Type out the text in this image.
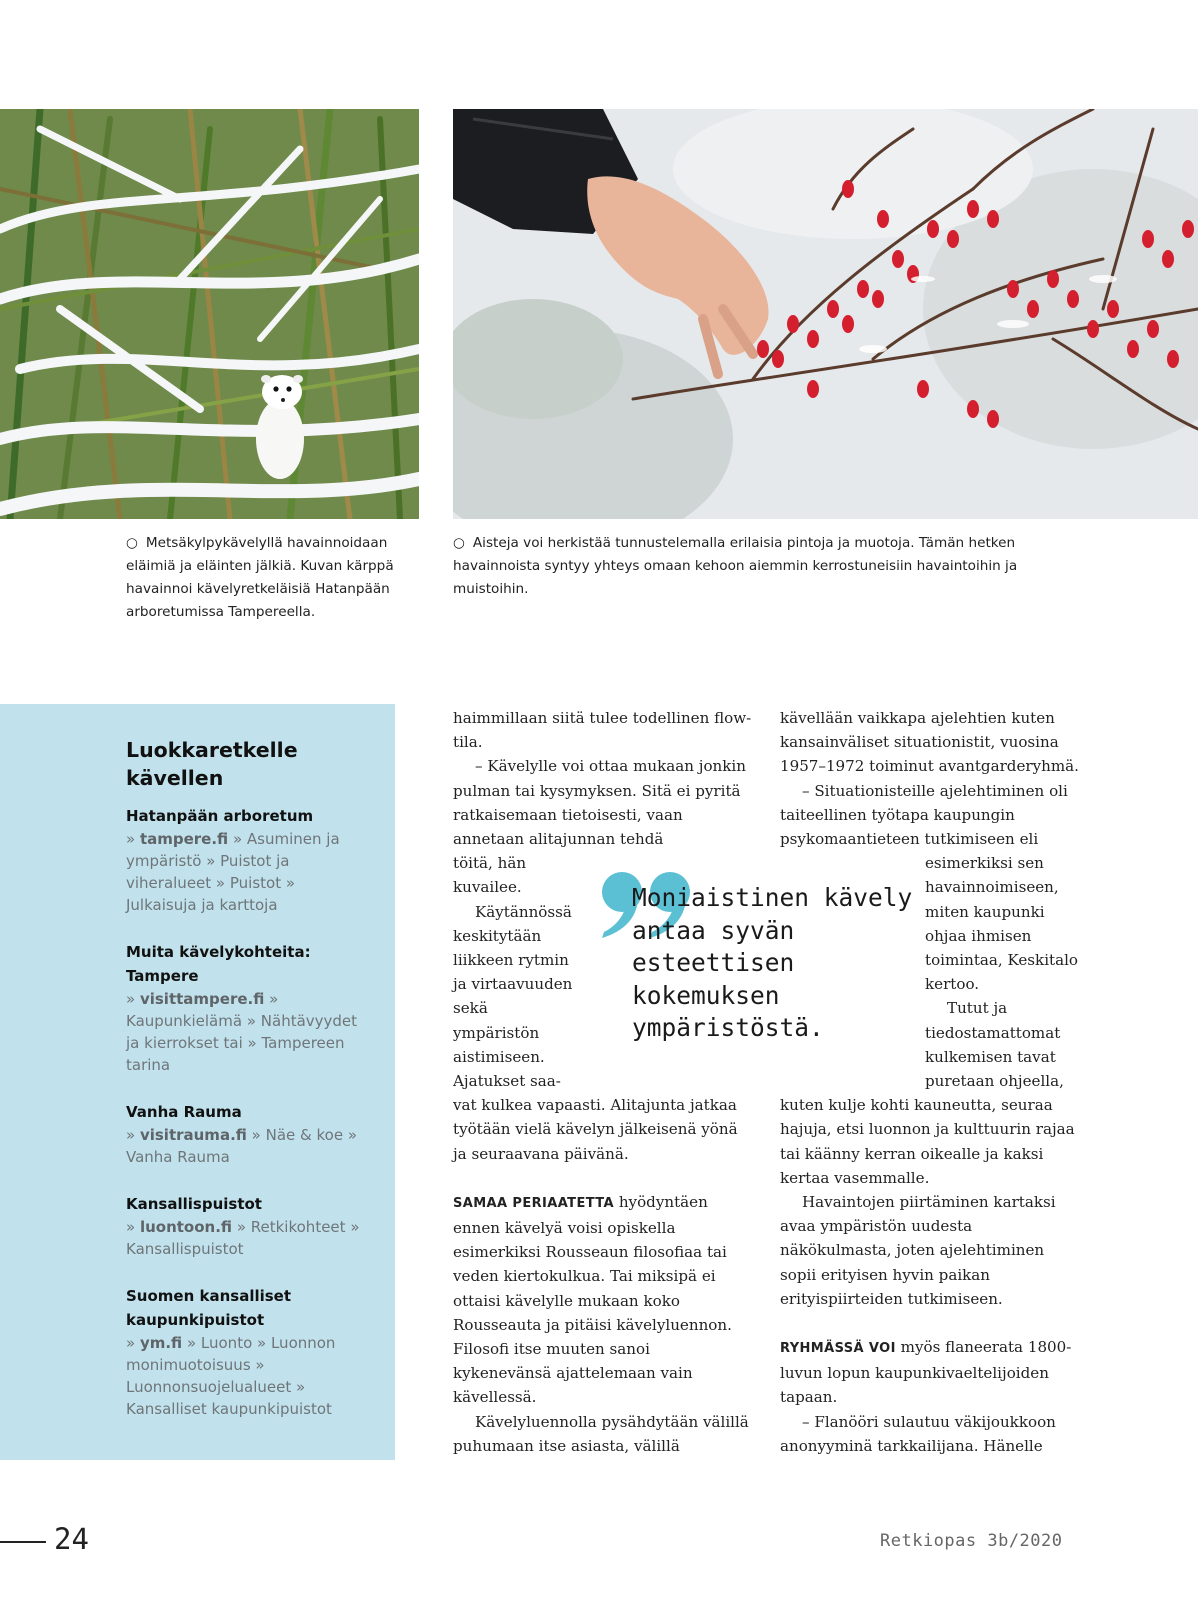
○ Metsäkylpykävelyllä havainnoidaan eläimiä ja eläinten jälkiä. Kuvan kärppä havainnoi kävelyretkeläisiä Hatanpään arboretumissa Tampereella.
○ Aisteja voi herkistää tunnustelemalla erilaisia pintoja ja muotoja. Tämän hetken havainnoista syntyy yhteys omaan kehoon aiemmin kerrostuneisiin havaintoihin ja muistoihin.
Luokkaretkelle kävellen
Hatanpään arboretum
» tampere.fi » Asuminen ja ympäristö » Puistot ja viheralueet » Puistot » Julkaisuja ja karttoja
Muita kävelykohteita: Tampere
» visittampere.fi » Kaupunkielämä » Nähtävyydet ja kierrokset tai » Tampereen tarina
Vanha Rauma
» visitrauma.fi » Näe & koe » Vanha Rauma
Kansallispuistot
» luontoon.fi » Retkikohteet » Kansallispuistot
Suomen kansalliset kaupunkipuistot
» ym.fi » Luonto » Luonnon monimuotoisuus » Luonnonsuojelualueet » Kansalliset kaupunkipuistot

haimmillaan siitä tulee todellinen flow-tila.

– Kävelylle voi ottaa mukaan jonkin pulman tai kysymyksen. Sitä ei pyritä ratkaisemaan tietoisesti, vaan annetaan alitajunnan tehdä

töitä, hän kuvailee.

Käytännössä keskitytään liikkeen rytmin ja virtaavuuden sekä ympäristön aistimiseen. Ajatukset saa-

vat kulkea vapaasti. Alitajunta jatkaa työtään vielä kävelyn jälkeisenä yönä ja seuraavana päivänä.

SAMAA PERIAATETTA hyödyntäen ennen kävelyä voisi opiskella esimerkiksi Rousseaun filosofiaa tai veden kiertokulkua. Tai miksipä ei ottaisi kävelylle mukaan koko Rousseauta ja pitäisi kävelyluennon. Filosofi itse muuten sanoi kykenevänsä ajattelemaan vain kävellessä.

Kävelyluennolla pysähdytään välillä puhumaan itse asiasta, välillä

kävellään vaikkapa ajelehtien kuten kansainväliset situationistit, vuosina 1957–1972 toiminut avantgarderyhmä.

– Situationisteille ajelehtiminen oli taiteellinen työtapa kaupungin psykomaantieteen tutkimiseen eli

esimerkiksi sen havainnoimiseen, miten kaupunki ohjaa ihmisen toimintaa, Keskitalo kertoo.

Tutut ja tiedostamattomat kulkemisen tavat puretaan ohjeella,

kuten kulje kohti kauneutta, seuraa hajuja, etsi luonnon ja kulttuurin rajaa tai käänny kerran oikealle ja kaksi kertaa vasemmalle.

Havaintojen piirtäminen kartaksi avaa ympäristön uudesta näkökulmasta, joten ajelehtiminen sopii erityisen hyvin paikan erityispiirteiden tutkimiseen.

RYHMÄSSÄ VOI myös flaneerata 1800-luvun lopun kaupunkivaeltelijoiden tapaan.

– Flanööri sulautuu väkijoukkoon anonyyminä tarkkailijana. Hänelle

Moniaistinen kävely antaa syvän esteettisen kokemuksen ympäristöstä.
24	Retkiopas 3b/2020
